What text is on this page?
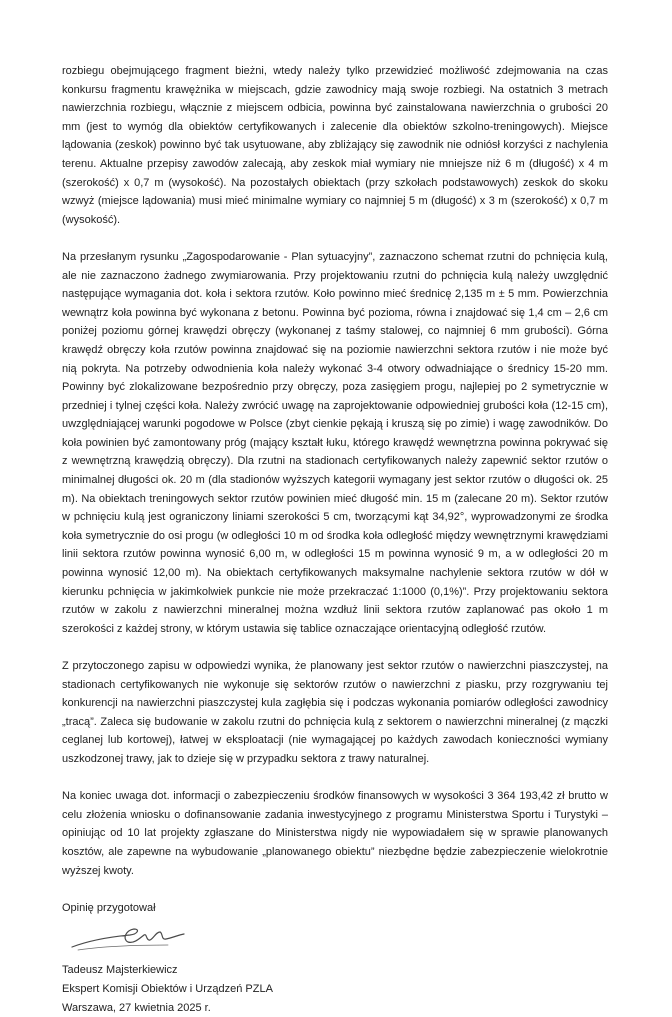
rozbiegu obejmującego fragment bieżni, wtedy należy tylko przewidzieć możliwość zdejmowania na czas konkursu fragmentu krawężnika w miejscach, gdzie zawodnicy mają swoje rozbiegi. Na ostatnich 3 metrach nawierzchnia rozbiegu, włącznie z miejscem odbicia, powinna być zainstalowana nawierzchnia o grubości 20 mm (jest to wymóg dla obiektów certyfikowanych i zalecenie dla obiektów szkolno-treningowych). Miejsce lądowania (zeskok) powinno być tak usytuowane, aby zbliżający się zawodnik nie odniósł korzyści z nachylenia terenu. Aktualne przepisy zawodów zalecają, aby zeskok miał wymiary nie mniejsze niż 6 m (długość) x 4 m (szerokość) x 0,7 m (wysokość). Na pozostałych obiektach (przy szkołach podstawowych) zeskok do skoku wzwyż (miejsce lądowania) musi mieć minimalne wymiary co najmniej 5 m (długość) x 3 m (szerokość) x 0,7 m (wysokość).

Na przesłanym rysunku „Zagospodarowanie - Plan sytuacyjny”, zaznaczono schemat rzutni do pchnięcia kulą, ale nie zaznaczono żadnego zwymiarowania. Przy projektowaniu rzutni do pchnięcia kulą należy uwzględnić następujące wymagania dot. koła i sektora rzutów. Koło powinno mieć średnicę 2,135 m ± 5 mm. Powierzchnia wewnątrz koła powinna być wykonana z betonu. Powinna być pozioma, równa i znajdować się 1,4 cm – 2,6 cm poniżej poziomu górnej krawędzi obręczy (wykonanej z taśmy stalowej, co najmniej 6 mm grubości). Górna krawędź obręczy koła rzutów powinna znajdować się na poziomie nawierzchni sektora rzutów i nie może być nią pokryta. Na potrzeby odwodnienia koła należy wykonać 3-4 otwory odwadniające o średnicy 15-20 mm. Powinny być zlokalizowane bezpośrednio przy obręczy, poza zasięgiem progu, najlepiej po 2 symetrycznie w przedniej i tylnej części koła. Należy zwrócić uwagę na zaprojektowanie odpowiedniej grubości koła (12-15 cm), uwzględniającej warunki pogodowe w Polsce (zbyt cienkie pękają i kruszą się po zimie) i wagę zawodników. Do koła powinien być zamontowany próg (mający kształt łuku, którego krawędź wewnętrzna powinna pokrywać się z wewnętrzną krawędzią obręczy). Dla rzutni na stadionach certyfikowanych należy zapewnić sektor rzutów o minimalnej długości ok. 20 m (dla stadionów wyższych kategorii wymagany jest sektor rzutów o długości ok. 25 m). Na obiektach treningowych sektor rzutów powinien mieć długość min. 15 m (zalecane 20 m). Sektor rzutów w pchnięciu kulą jest ograniczony liniami szerokości 5 cm, tworzącymi kąt 34,92°, wyprowadzonymi ze środka koła symetrycznie do osi progu (w odległości 10 m od środka koła odległość między wewnętrznymi krawędziami linii sektora rzutów powinna wynosić 6,00 m, w odległości 15 m powinna wynosić 9 m, a w odległości 20 m powinna wynosić 12,00 m). Na obiektach certyfikowanych maksymalne nachylenie sektora rzutów w dół w kierunku pchnięcia w jakimkolwiek punkcie nie może przekraczać 1:1000 (0,1%)”. Przy projektowaniu sektora rzutów w zakolu z nawierzchni mineralnej można wzdłuż linii sektora rzutów zaplanować pas około 1 m szerokości z każdej strony, w którym ustawia się tablice oznaczające orientacyjną odległość rzutów.

Z przytoczonego zapisu w odpowiedzi wynika, że planowany jest sektor rzutów o nawierzchni piaszczystej, na stadionach certyfikowanych nie wykonuje się sektorów rzutów o nawierzchni z piasku, przy rozgrywaniu tej konkurencji na nawierzchni piaszczystej kula zagłębia się i podczas wykonania pomiarów odległości zawodnicy „tracą”. Zaleca się budowanie w zakolu rzutni do pchnięcia kulą z sektorem o nawierzchni mineralnej (z mączki ceglanej lub kortowej), łatwej w eksploatacji (nie wymagającej po każdych zawodach konieczności wymiany uszkodzonej trawy, jak to dzieje się w przypadku sektora z trawy naturalnej.

Na koniec uwaga dot. informacji o zabezpieczeniu środków finansowych w wysokości 3 364 193,42 zł brutto w celu złożenia wniosku o dofinansowanie zadania inwestycyjnego z programu Ministerstwa Sportu i Turystyki – opiniując od 10 lat projekty zgłaszane do Ministerstwa nigdy nie wypowiadałem się w sprawie planowanych kosztów, ale zapewne na wybudowanie „planowanego obiektu” niezbędne będzie zabezpieczenie wielokrotnie wyższej kwoty.

Opinię przygotował
Tadeusz Majsterkiewicz
Ekspert Komisji Obiektów i Urządzeń PZLA
Warszawa, 27 kwietnia 2025 r.
